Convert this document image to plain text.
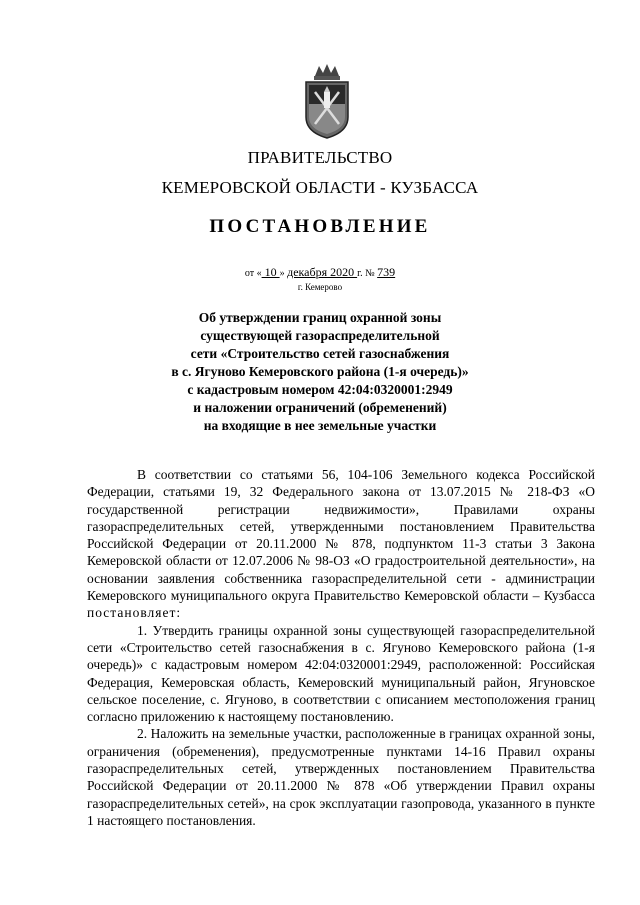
ПРАВИТЕЛЬСТВО
КЕМЕРОВСКОЙ ОБЛАСТИ - КУЗБАССА
ПОСТАНОВЛЕНИЕ
от « 10 » декабря 2020 г. № 739
г. Кемерово
Об утверждении границ охранной зоны
существующей газораспределительной
сети «Строительство сетей газоснабжения
в с. Ягуново Кемеровского района (1-я очередь)»
с кадастровым номером 42:04:0320001:2949
и наложении ограничений (обременений)
на входящие в нее земельные участки

В соответствии со статьями 56, 104-106 Земельного кодекса Российской Федерации, статьями 19, 32 Федерального закона от 13.07.2015 № 218-ФЗ «О государственной регистрации недвижимости», Правилами охраны газораспределительных сетей, утвержденными постановлением Правительства Российской Федерации от 20.11.2000 № 878, подпунктом 11-3 статьи 3 Закона Кемеровской области от 12.07.2006 № 98-ОЗ «О градостроительной деятельности», на основании заявления собственника газораспределительной сети - администрации Кемеровского муниципального округа Правительство Кемеровской области – Кузбасса постановляет:

1. Утвердить границы охранной зоны существующей газораспределительной сети «Строительство сетей газоснабжения в с. Ягуново Кемеровского района (1-я очередь)» с кадастровым номером 42:04:0320001:2949, расположенной: Российская Федерация, Кемеровская область, Кемеровский муниципальный район, Ягуновское сельское поселение, с. Ягуново, в соответствии с описанием местоположения границ согласно приложению к настоящему постановлению.

2. Наложить на земельные участки, расположенные в границах охранной зоны, ограничения (обременения), предусмотренные пунктами 14-16 Правил охраны газораспределительных сетей, утвержденных постановлением Правительства Российской Федерации от 20.11.2000 № 878 «Об утверждении Правил охраны газораспределительных сетей», на срок эксплуатации газопровода, указанного в пункте 1 настоящего постановления.
